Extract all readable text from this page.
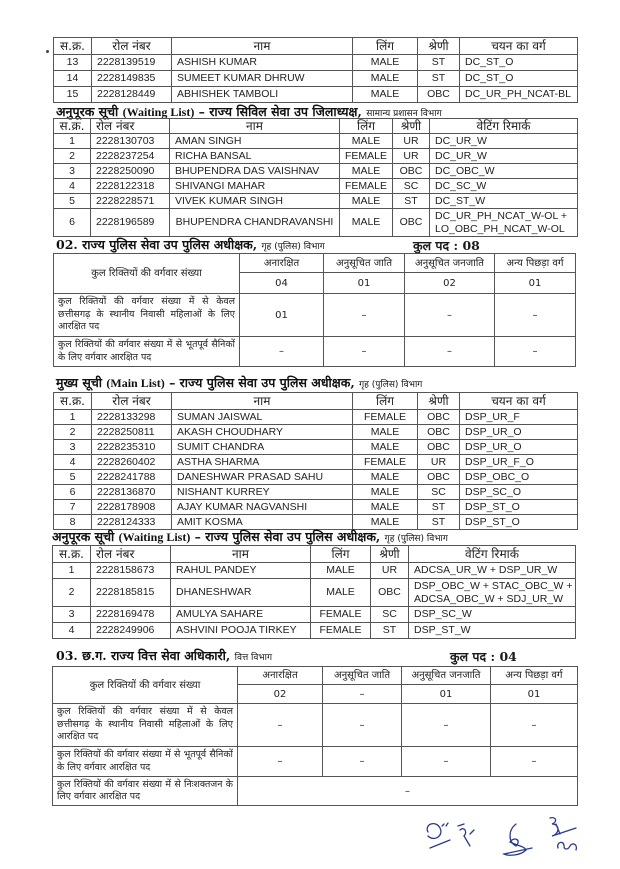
स.क्र.	रोल नंबर	नाम	लिंग	श्रेणी	चयन का वर्ग
13	2228139519	ASHISH KUMAR	MALE	ST	DC_ST_O
14	2228149835	SUMEET KUMAR DHRUW	MALE	ST	DC_ST_O
15	2228128449	ABHISHEK TAMBOLI	MALE	OBC	DC_UR_PH_NCAT-BL
अनुपूरक सूची (Waiting List) – राज्य सिविल सेवा उप जिलाध्यक्ष, सामान्य प्रशासन विभाग
स.क्र.	रोल नंबर	नाम	लिंग	श्रेणी	वेटिंग रिमार्क
1	2228130703	AMAN SINGH	MALE	UR	DC_UR_W
2	2228237254	RICHA BANSAL	FEMALE	UR	DC_UR_W
3	2228250090	BHUPENDRA DAS VAISHNAV	MALE	OBC	DC_OBC_W
4	2228122318	SHIVANGI MAHAR	FEMALE	SC	DC_SC_W
5	2228228571	VIVEK KUMAR SINGH	MALE	ST	DC_ST_W
6	2228196589	BHUPENDRA CHANDRAVANSHI	MALE	OBC	DC_UR_PH_NCAT_W-OL +
LO_OBC_PH_NCAT_W-OL
02. राज्य पुलिस सेवा उप पुलिस अधीक्षक, गृह (पुलिस) विभाग	कुल पद : 08
कुल रिक्तियों की वर्गवार संख्या	अनारक्षित	अनुसूचित जाति	अनुसूचित जनजाति	अन्य पिछड़ा वर्ग
	04	01	02	01
कुल रिक्तियों की वर्गवार संख्या में से केवल छत्तीसगढ़ के स्थानीय निवासी महिलाओं के लिए आरक्षित पद	01	–	–	–
कुल रिक्तियों की वर्गवार संख्या में से भूतपूर्व सैनिकों के लिए वर्गवार आरक्षित पद	–	–	–	–
मुख्य सूची (Main List) – राज्य पुलिस सेवा उप पुलिस अधीक्षक, गृह (पुलिस) विभाग
स.क्र.	रोल नंबर	नाम	लिंग	श्रेणी	चयन का वर्ग
1	2228133298	SUMAN JAISWAL	FEMALE	OBC	DSP_UR_F
2	2228250811	AKASH CHOUDHARY	MALE	OBC	DSP_UR_O
3	2228235310	SUMIT CHANDRA	MALE	OBC	DSP_UR_O
4	2228260402	ASTHA SHARMA	FEMALE	UR	DSP_UR_F_O
5	2228241788	DANESHWAR PRASAD SAHU	MALE	OBC	DSP_OBC_O
6	2228136870	NISHANT KURREY	MALE	SC	DSP_SC_O
7	2228178908	AJAY KUMAR NAGVANSHI	MALE	ST	DSP_ST_O
8	2228124333	AMIT KOSMA	MALE	ST	DSP_ST_O
अनुपूरक सूची (Waiting List) – राज्य पुलिस सेवा उप पुलिस अधीक्षक, गृह (पुलिस) विभाग
स.क्र.	रोल नंबर	नाम	लिंग	श्रेणी	वेटिंग रिमार्क
1	2228158673	RAHUL PANDEY	MALE	UR	ADCSA_UR_W + DSP_UR_W
2	2228185815	DHANESHWAR	MALE	OBC	DSP_OBC_W + STAC_OBC_W +
ADCSA_OBC_W + SDJ_UR_W

3	2228169478	AMULYA SAHARE	FEMALE	SC	DSP_SC_W
4	2228249906	ASHVINI POOJA TIRKEY	FEMALE	ST	DSP_ST_W
03. छ.ग. राज्य वित्त सेवा अधिकारी, वित्त विभाग	कुल पद : 04
कुल रिक्तियों की वर्गवार संख्या	अनारक्षित	अनुसूचित जाति	अनुसूचित जनजाति	अन्य पिछड़ा वर्ग
	02	–	01	01
कुल रिक्तियों की वर्गवार संख्या में से केवल छत्तीसगढ़ के स्थानीय निवासी महिलाओं के लिए आरक्षित पद	–	–	–	–
कुल रिक्तियों की वर्गवार संख्या में से भूतपूर्व सैनिकों के लिए वर्गवार आरक्षित पद	–	–	–	–
कुल रिक्तियों की वर्गवार संख्या में से निःशक्तजन के लिए वर्गवार आरक्षित पद	–			
